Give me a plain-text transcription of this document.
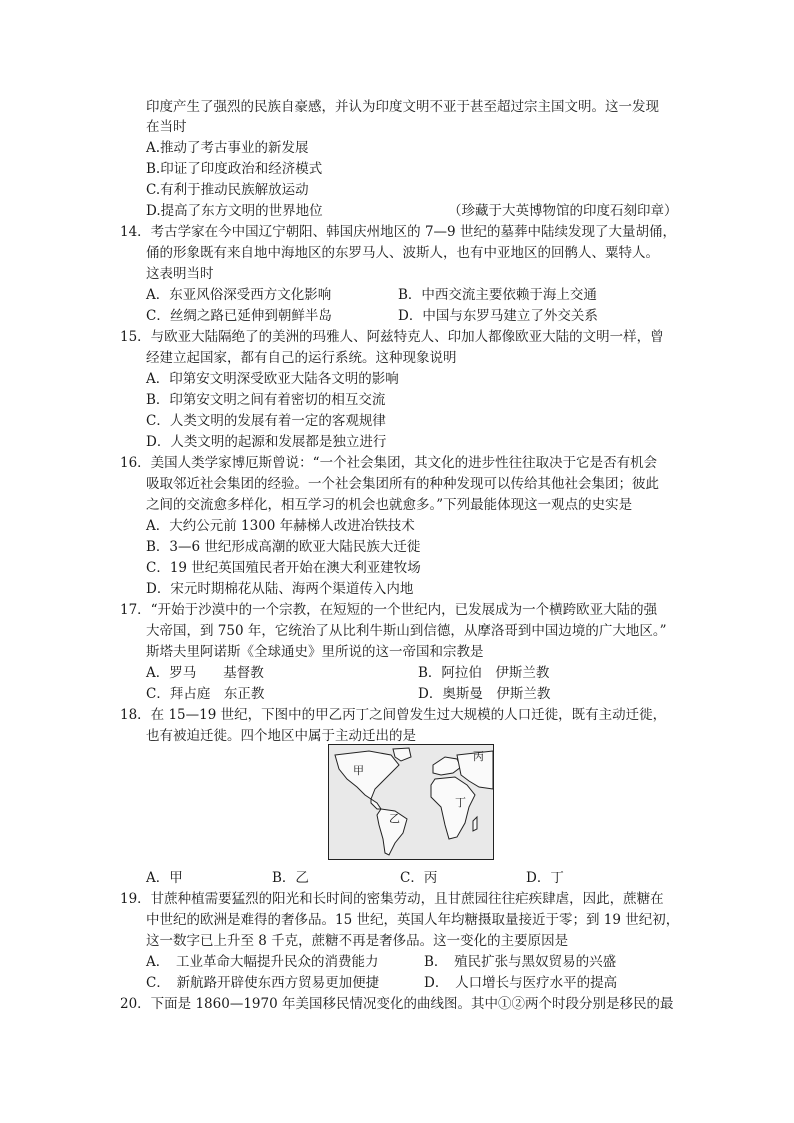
印度产生了强烈的民族自豪感，并认为印度文明不亚于甚至超过宗主国文明。这一发现
在当时
A.推动了考古事业的新发展
B.印证了印度政治和经济模式
C.有利于推动民族解放运动
D.提高了东方文明的世界地位	（珍藏于大英博物馆的印度石刻印章）
14．考古学家在今中国辽宁朝阳、韩国庆州地区的 7—9 世纪的墓葬中陆续发现了大量胡俑，
俑的形象既有来自地中海地区的东罗马人、波斯人，也有中亚地区的回鹘人、粟特人。
这表明当时
A．东亚风俗深受西方文化影响	B．中西交流主要依赖于海上交通
C．丝绸之路已延伸到朝鲜半岛	D．中国与东罗马建立了外交关系
15．与欧亚大陆隔绝了的美洲的玛雅人、阿兹特克人、印加人都像欧亚大陆的文明一样，曾
经建立起国家，都有自己的运行系统。这种现象说明
A．印第安文明深受欧亚大陆各文明的影响
B．印第安文明之间有着密切的相互交流
C．人类文明的发展有着一定的客观规律
D．人类文明的起源和发展都是独立进行
16．美国人类学家博厄斯曾说：“一个社会集团，其文化的进步性往往取决于它是否有机会
吸取邻近社会集团的经验。一个社会集团所有的种种发现可以传给其他社会集团；彼此
之间的交流愈多样化，相互学习的机会也就愈多。”下列最能体现这一观点的史实是
A．大约公元前 1300 年赫梯人改进冶铁技术
B．3—6 世纪形成高潮的欧亚大陆民族大迁徙
C．19 世纪英国殖民者开始在澳大利亚建牧场
D．宋元时期棉花从陆、海两个渠道传入内地
17．“开始于沙漠中的一个宗教，在短短的一个世纪内，已发展成为一个横跨欧亚大陆的强
大帝国，到 750 年，它统治了从比利牛斯山到信德，从摩洛哥到中国边境的广大地区。”
斯塔夫里阿诺斯《全球通史》里所说的这一帝国和宗教是
A．罗马　　基督教	B．阿拉伯　伊斯兰教
C．拜占庭　东正教	D．奥斯曼　伊斯兰教
18．在 15—19 世纪，下图中的甲乙丙丁之间曾发生过大规模的人口迁徙，既有主动迁徙，
也有被迫迁徙。四个地区中属于主动迁出的是
甲
乙
丙
丁
A．甲	B．乙	C．丙	D．丁
19．甘蔗种植需要猛烈的阳光和长时间的密集劳动，且甘蔗园往往疟疾肆虐，因此，蔗糖在
中世纪的欧洲是难得的奢侈品。15 世纪，英国人年均糖摄取量接近于零；到 19 世纪初，
这一数字已上升至 8 千克，蔗糖不再是奢侈品。这一变化的主要原因是
A．　工业革命大幅提升民众的消费能力	B．　殖民扩张与黑奴贸易的兴盛
C．　新航路开辟使东西方贸易更加便捷	D．　人口增长与医疗水平的提高
20．下面是 1860—1970 年美国移民情况变化的曲线图。其中①②两个时段分别是移民的最
